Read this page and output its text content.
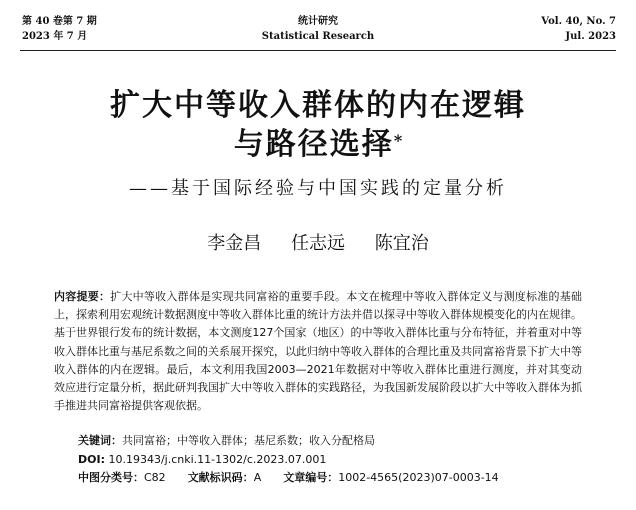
第 40 卷第 7 期
2023 年 7 月
统计研究
Statistical Research
Vol. 40, No. 7
Jul. 2023
扩大中等收入群体的内在逻辑
与路径选择*
——基于国际经验与中国实践的定量分析
李金昌 任志远 陈宜治
内容提要：扩大中等收入群体是实现共同富裕的重要手段。本文在梳理中等收入群体定义与测度标准的基础上，探索利用宏观统计数据测度中等收入群体比重的统计方法并借以探寻中等收入群体规模变化的内在规律。基于世界银行发布的统计数据，本文测度127个国家（地区）的中等收入群体比重与分布特征，并着重对中等收入群体比重与基尼系数之间的关系展开探究，以此归纳中等收入群体的合理比重及共同富裕背景下扩大中等收入群体的内在逻辑。最后，本文利用我国2003—2021年数据对中等收入群体比重进行测度，并对其变动效应进行定量分析，据此研判我国扩大中等收入群体的实践路径，为我国新发展阶段以扩大中等收入群体为抓手推进共同富裕提供客观依据。
关键词：共同富裕；中等收入群体；基尼系数；收入分配格局
DOI: 10.19343/j.cnki.11-1302/c.2023.07.001
中图分类号：C82 文献标识码：A 文章编号：1002-4565(2023)07-0003-14
